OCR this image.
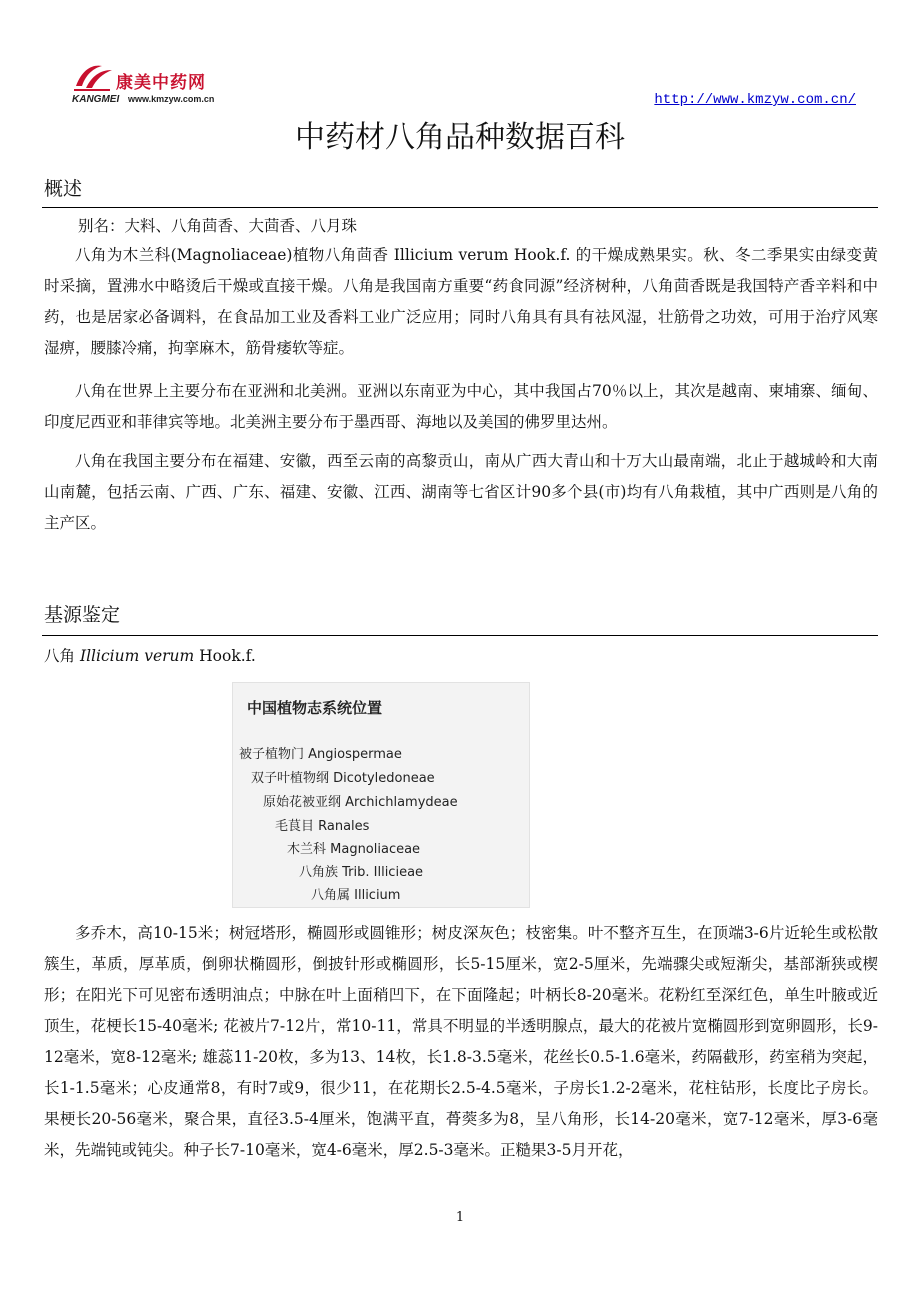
康美中药网
KANGMEI www.kmzyw.com.cn	http://www.kmzyw.com.cn/
中药材八角品种数据百科
概述

别名：大料、八角茴香、大茴香、八月珠

八角为木兰科(Magnoliaceae)植物八角茴香 Illicium verum Hook.f. 的干燥成熟果实。秋、冬二季果实由绿变黄时采摘，置沸水中略烫后干燥或直接干燥。八角是我国南方重要“药食同源”经济树种，八角茴香既是我国特产香辛料和中药，也是居家必备调料，在食品加工业及香料工业广泛应用；同时八角具有具有祛风湿，壮筋骨之功效，可用于治疗风寒湿痹，腰膝冷痛，拘挛麻木，筋骨痿软等症。

八角在世界上主要分布在亚洲和北美洲。亚洲以东南亚为中心，其中我国占70％以上，其次是越南、柬埔寨、缅甸、印度尼西亚和菲律宾等地。北美洲主要分布于墨西哥、海地以及美国的佛罗里达州。

八角在我国主要分布在福建、安徽，西至云南的高黎贡山，南从广西大青山和十万大山最南端，北止于越城岭和大南山南麓，包括云南、广西、广东、福建、安徽、江西、湖南等七省区计90多个县(市)均有八角栽植，其中广西则是八角的主产区。

基源鉴定

八角 Illicium verum Hook.f.

中国植物志系统位置

被子植物门 Angiospermae
双子叶植物纲 Dicotyledoneae
原始花被亚纲 Archichlamydeae
毛茛目 Ranales
木兰科 Magnoliaceae
八角族 Trib. Illicieae
八角属 Illicium

多乔木，高10-15米；树冠塔形，椭圆形或圆锥形；树皮深灰色；枝密集。叶不整齐互生，在顶端3-6片近轮生或松散簇生，革质，厚革质，倒卵状椭圆形，倒披针形或椭圆形，长5-15厘米，宽2-5厘米，先端骤尖或短渐尖，基部渐狭或楔形；在阳光下可见密布透明油点；中脉在叶上面稍凹下，在下面隆起；叶柄长8-20毫米。花粉红至深红色，单生叶腋或近顶生，花梗长15-40毫米; 花被片7-12片，常10-11，常具不明显的半透明腺点，最大的花被片宽椭圆形到宽卵圆形，长9-12毫米，宽8-12毫米; 雄蕊11-20枚，多为13、14枚，长1.8-3.5毫米，花丝长0.5-1.6毫米，药隔截形，药室稍为突起，长1-1.5毫米；心皮通常8，有时7或9，很少11，在花期长2.5-4.5毫米，子房长1.2-2毫米，花柱钻形，长度比子房长。果梗长20-56毫米，聚合果，直径3.5-4厘米，饱满平直，蓇葖多为8，呈八角形，长14-20毫米，宽7-12毫米，厚3-6毫米，先端钝或钝尖。种子长7-10毫米，宽4-6毫米，厚2.5-3毫米。正糙果3-5月开花，

1
